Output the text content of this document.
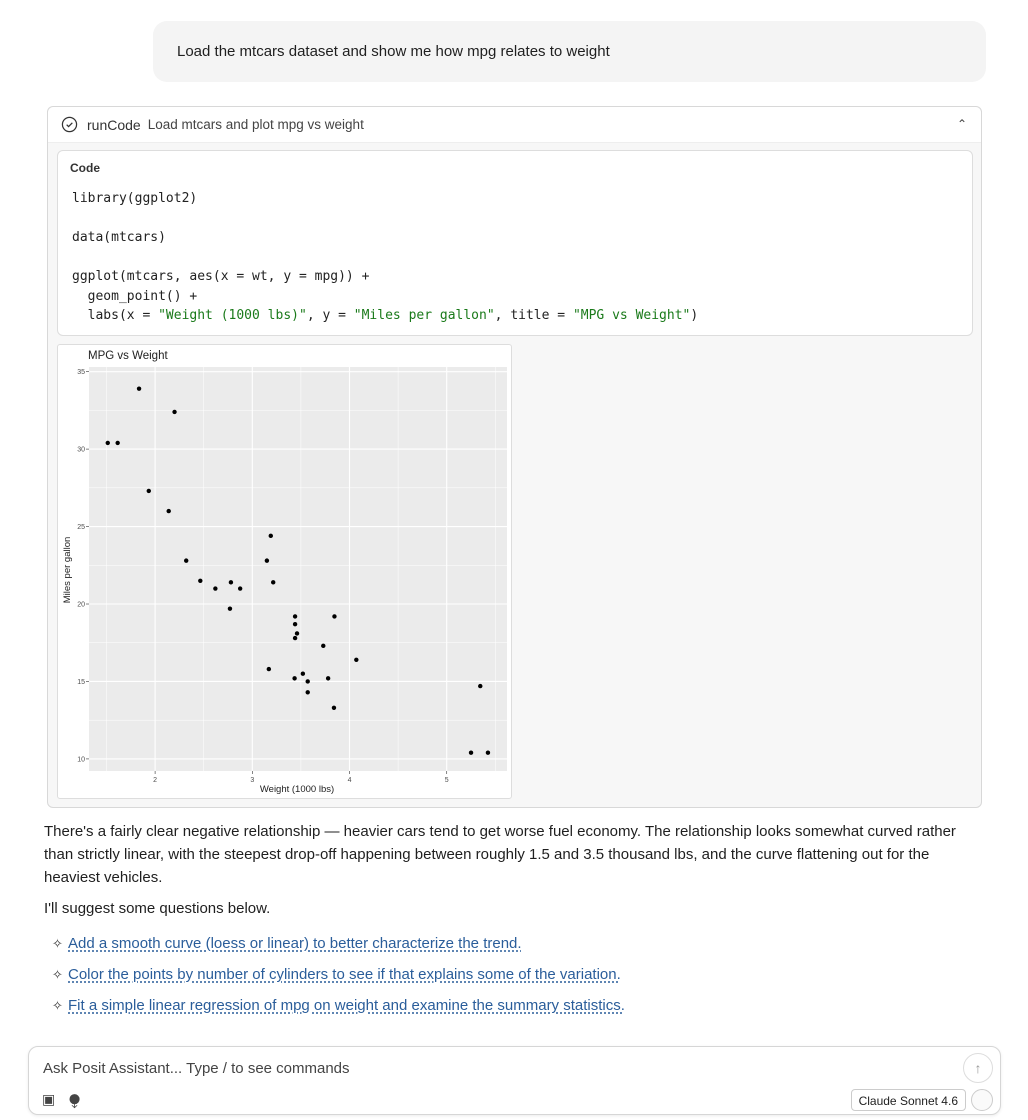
Load the mtcars dataset and show me how mpg relates to weight
runCode Load mtcars and plot mpg vs weight	⌃
Code
library(ggplot2)

data(mtcars)

ggplot(mtcars, aes(x = wt, y = mpg)) +
geom_point() +
labs(x = "Weight (1000 lbs)", y = "Miles per gallon", title = "MPG vs Weight")
2	3	4	5
10
15
20
25
30
35
MPG vs Weight
Weight (1000 lbs)
Miles per gallon

There's a fairly clear negative relationship — heavier cars tend to get worse fuel economy. The relationship looks somewhat curved rather than strictly linear, with the steepest drop-off happening between roughly 1.5 and 3.5 thousand lbs, and the curve flattening out for the heaviest vehicles.

I'll suggest some questions below.

✧ Add a smooth curve (loess or linear) to better characterize the trend.
✧ Color the points by number of cylinders to see if that explains some of the variation.
✧ Fit a simple linear regression of mpg on weight and examine the summary statistics.
Ask Posit Assistant... Type / to see commands	↑
▣ ⧭	Claude Sonnet 4.6
